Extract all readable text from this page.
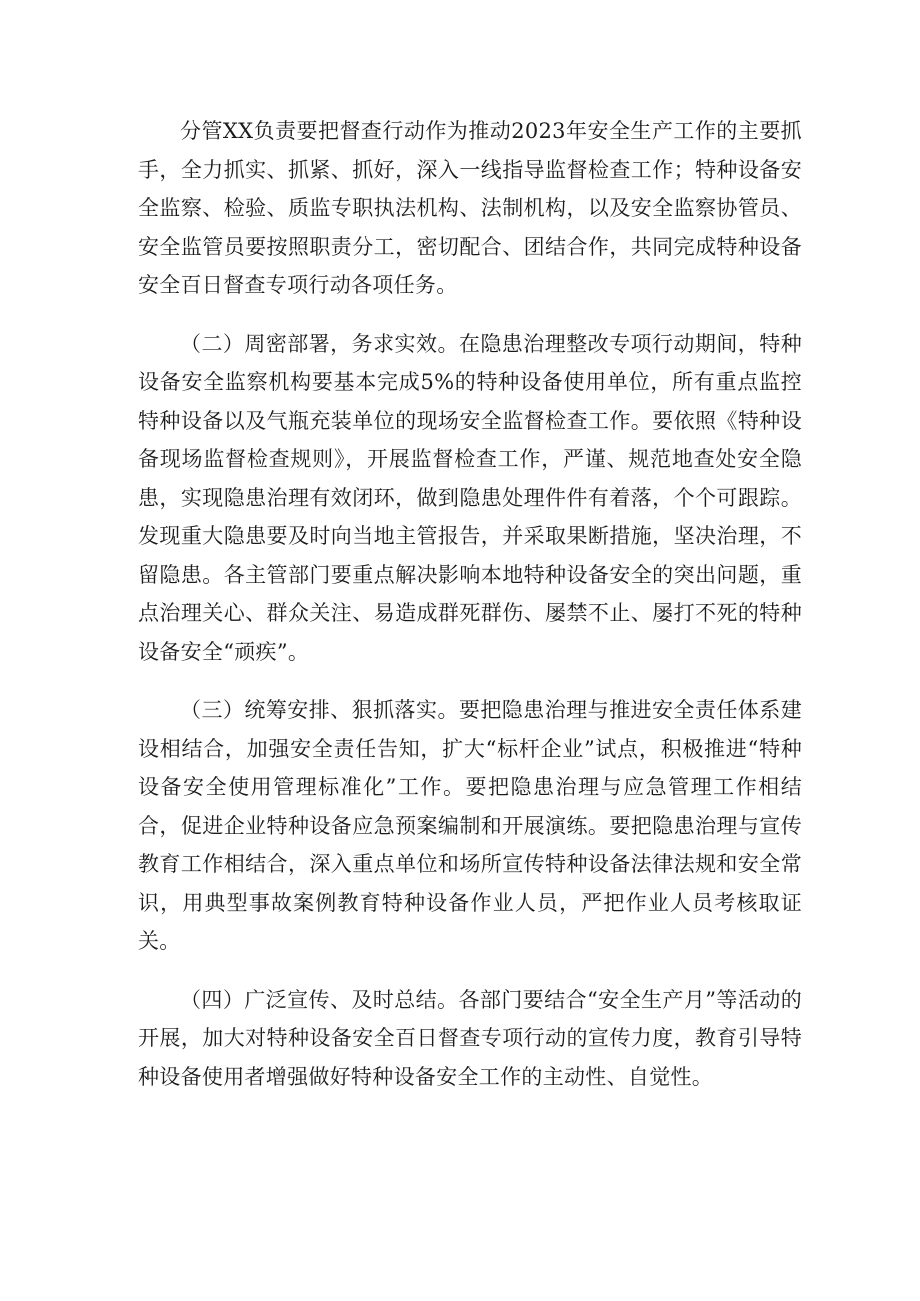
分管XX负责要把督查行动作为推动2023年安全生产工作的主要抓手，全力抓实、抓紧、抓好，深入一线指导监督检查工作；特种设备安全监察、检验、质监专职执法机构、法制机构，以及安全监察协管员、安全监管员要按照职责分工，密切配合、团结合作，共同完成特种设备安全百日督查专项行动各项任务。

（二）周密部署，务求实效。在隐患治理整改专项行动期间，特种设备安全监察机构要基本完成5%的特种设备使用单位，所有重点监控特种设备以及气瓶充装单位的现场安全监督检查工作。要依照《特种设备现场监督检查规则》，开展监督检查工作，严谨、规范地查处安全隐患，实现隐患治理有效闭环，做到隐患处理件件有着落，个个可跟踪。发现重大隐患要及时向当地主管报告，并采取果断措施，坚决治理，不留隐患。各主管部门要重点解决影响本地特种设备安全的突出问题，重点治理关心、群众关注、易造成群死群伤、屡禁不止、屡打不死的特种设备安全“顽疾”。

（三）统筹安排、狠抓落实。要把隐患治理与推进安全责任体系建设相结合，加强安全责任告知，扩大“标杆企业”试点，积极推进“特种设备安全使用管理标准化”工作。要把隐患治理与应急管理工作相结合，促进企业特种设备应急预案编制和开展演练。要把隐患治理与宣传教育工作相结合，深入重点单位和场所宣传特种设备法律法规和安全常识，用典型事故案例教育特种设备作业人员，严把作业人员考核取证关。

（四）广泛宣传、及时总结。各部门要结合“安全生产月”等活动的开展，加大对特种设备安全百日督查专项行动的宣传力度，教育引导特种设备使用者增强做好特种设备安全工作的主动性、自觉性。
